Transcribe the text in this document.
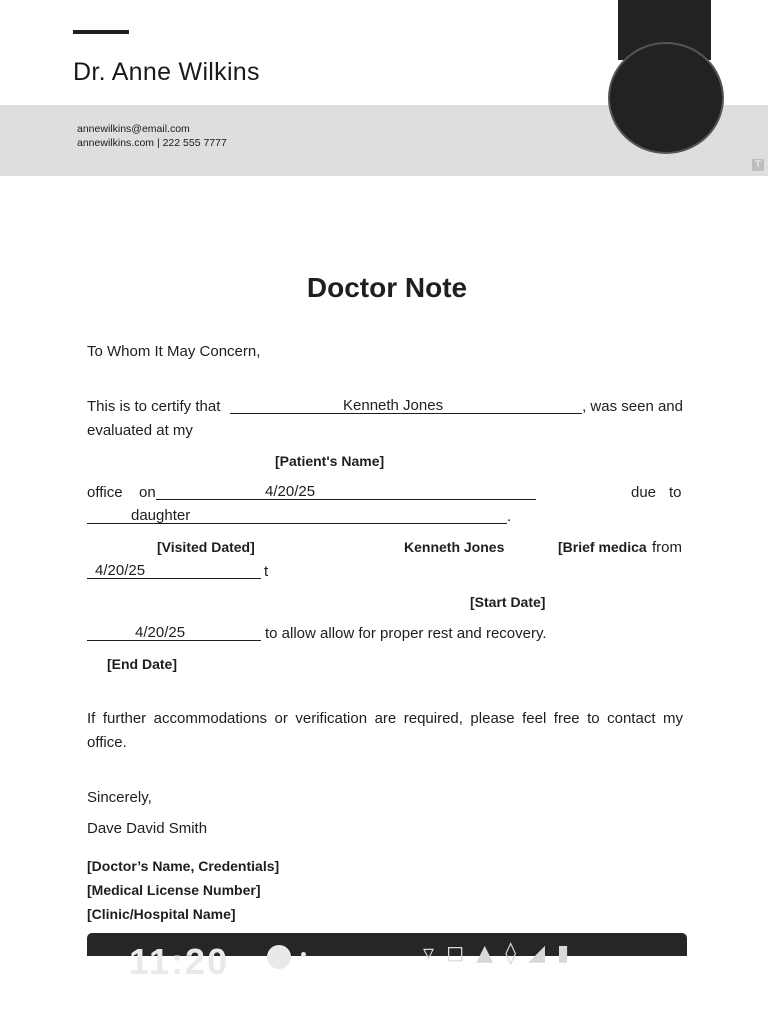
Dr. Anne Wilkins
annewilkins@email.com
annewilkins.com | 222 555 7777
T
Doctor Note
To Whom It May Concern,
This is to certify that	Kenneth Jones	, was seen and
evaluated at my
[Patient's Name]
office on	4/20/25	due to
daughter	.
[Visited Dated]	Kenneth Jones	[Brief medica from
4/20/25	t
[Start Date]
4/20/25	to allow allow for proper rest and recovery.
[End Date]
If further accommodations or verification are required, please feel free to contact my
office.
Sincerely,
Dave David Smith
[Doctor’s Name, Credentials]
[Medical License Number]
[Clinic/Hospital Name]
11:20	▿◻▲◊◢▮
